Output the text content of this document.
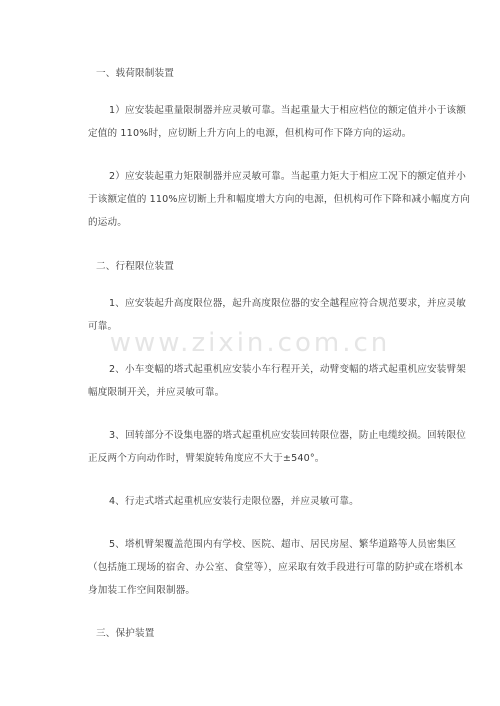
一、载荷限制装置
1）应安装起重量限制器并应灵敏可靠。当起重量大于相应档位的额定值并小于该额
定值的 110%时，应切断上升方向上的电源，但机构可作下降方向的运动。
2）应安装起重力矩限制器并应灵敏可靠。当起重力矩大于相应工况下的额定值并小
于该额定值的 110%应切断上升和幅度增大方向的电源，但机构可作下降和减小幅度方向
的运动。
二、行程限位装置
1、应安装起升高度限位器，起升高度限位器的安全越程应符合规范要求，并应灵敏
可靠。
www.zixin.com.cn
2、小车变幅的塔式起重机应安装小车行程开关，动臂变幅的塔式起重机应安装臂架
幅度限制开关，并应灵敏可靠。
3、回转部分不设集电器的塔式起重机应安装回转限位器，防止电缆绞损。回转限位
正反两个方向动作时，臂架旋转角度应不大于±540°。
4、行走式塔式起重机应安装行走限位器，并应灵敏可靠。
5、塔机臂架覆盖范围内有学校、医院、超市、居民房屋、繁华道路等人员密集区
（包括施工现场的宿舍、办公室、食堂等），应采取有效手段进行可靠的防护或在塔机本
身加装工作空间限制器。
三、保护装置
